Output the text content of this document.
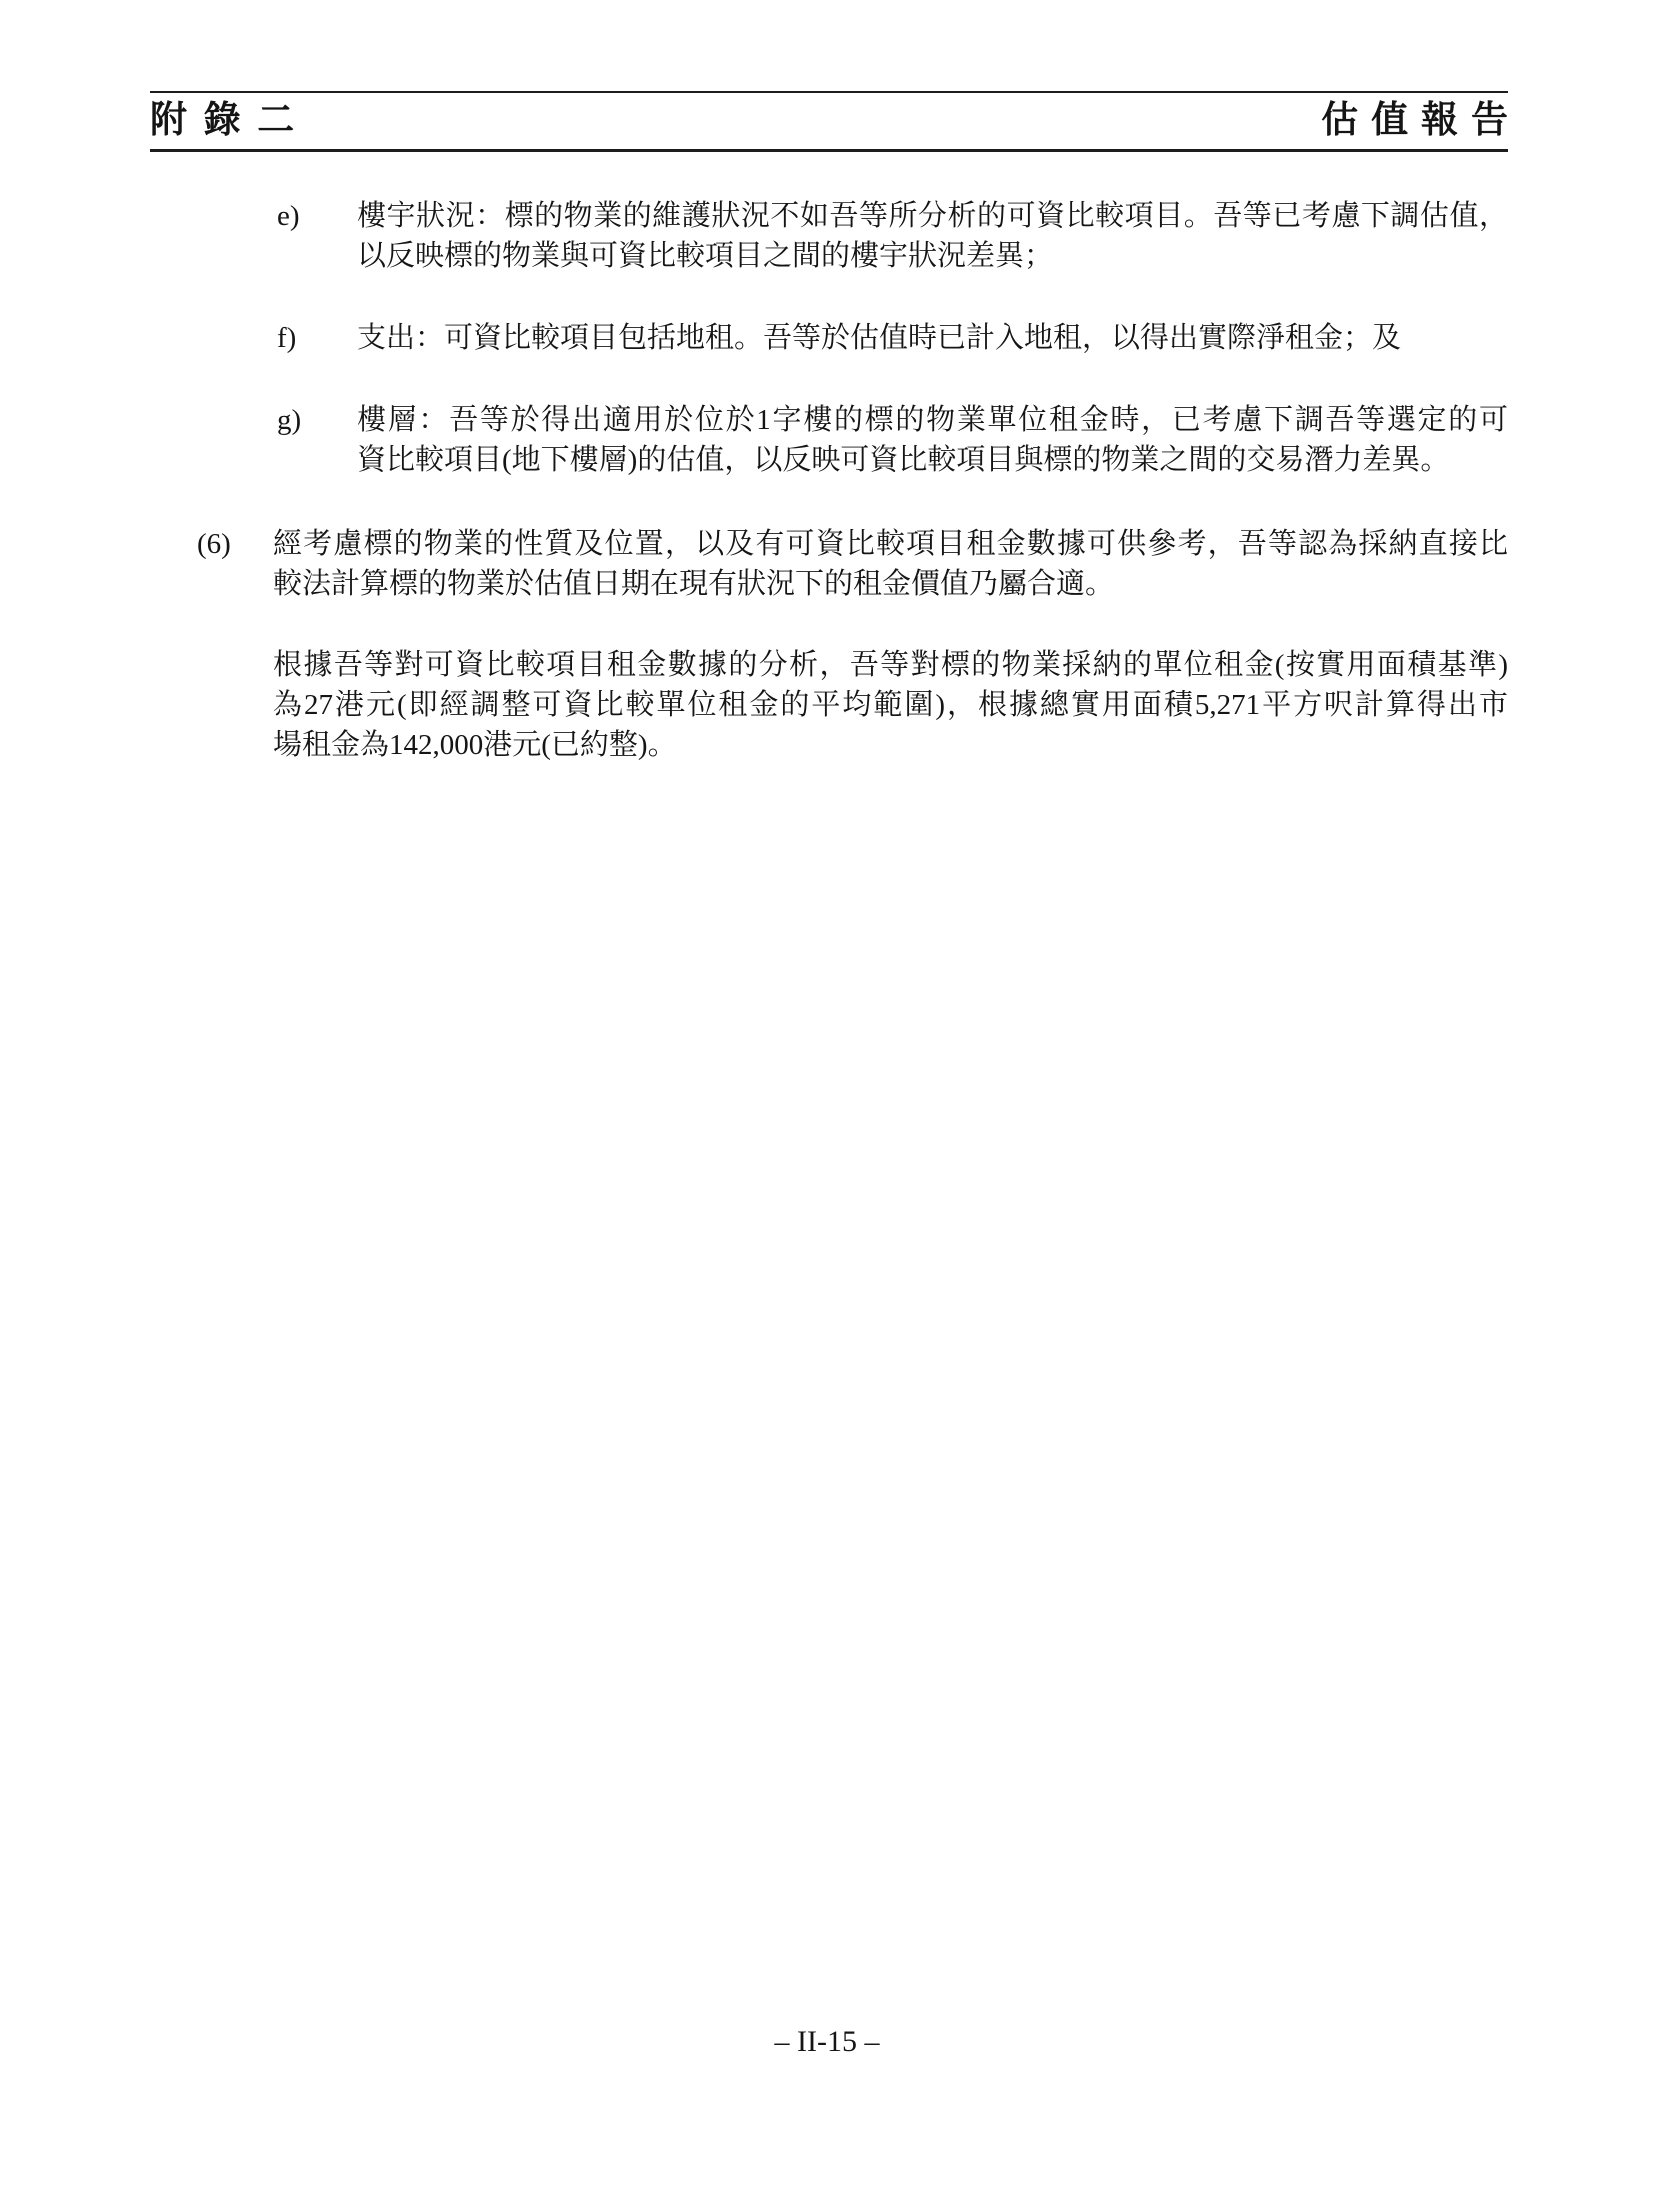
附錄二	估值報告
e)	樓宇狀況：標的物業的維護狀況不如吾等所分析的可資比較項目。吾等已考慮下調估值，
以反映標的物業與可資比較項目之間的樓宇狀況差異；
f)	支出：可資比較項目包括地租。吾等於估值時已計入地租，以得出實際淨租金；及
g)	樓層：吾等於得出適用於位於1字樓的標的物業單位租金時，已考慮下調吾等選定的可
資比較項目(地下樓層)的估值，以反映可資比較項目與標的物業之間的交易潛力差異。
(6)	經考慮標的物業的性質及位置，以及有可資比較項目租金數據可供參考，吾等認為採納直接比
較法計算標的物業於估值日期在現有狀況下的租金價值乃屬合適。
根據吾等對可資比較項目租金數據的分析，吾等對標的物業採納的單位租金(按實用面積基準)
為27港元(即經調整可資比較單位租金的平均範圍)，根據總實用面積5,271平方呎計算得出市
場租金為142,000港元(已約整)。
– II-15 –
